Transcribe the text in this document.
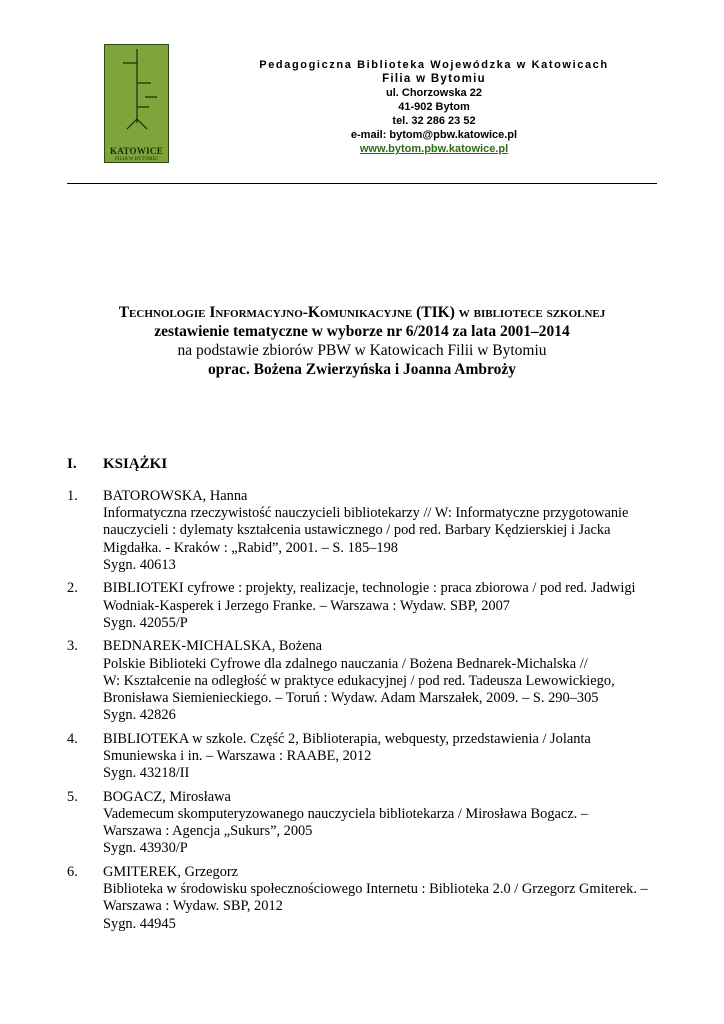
KATOWICE
FILIA W BYTOMIU
Pedagogiczna Biblioteka Wojewódzka w Katowicach
Filia w Bytomiu
ul. Chorzowska 22
41-902 Bytom
tel. 32 286 23 52
e-mail: bytom@pbw.katowice.pl
www.bytom.pbw.katowice.pl
Technologie Informacyjno-Komunikacyjne (TIK) w bibliotece szkolnej
zestawienie tematyczne w wyborze nr 6/2014 za lata 2001–2014
na podstawie zbiorów PBW w Katowicach Filii w Bytomiu
oprac. Bożena Zwierzyńska i Joanna Ambroży
I. KSIĄŻKI
1. BATOROWSKA, Hanna
Informatyczna rzeczywistość nauczycieli bibliotekarzy // W: Informatyczne przygotowanie
nauczycieli : dylematy kształcenia ustawicznego / pod red. Barbary Kędzierskiej i Jacka
Migdałka. - Kraków : „Rabid”, 2001. – S. 185–198
Sygn. 40613
2. BIBLIOTEKI cyfrowe : projekty, realizacje, technologie : praca zbiorowa / pod red. Jadwigi
Wodniak-Kasperek i Jerzego Franke. – Warszawa : Wydaw. SBP, 2007
Sygn. 42055/P
3. BEDNAREK-MICHALSKA, Bożena
Polskie Biblioteki Cyfrowe dla zdalnego nauczania / Bożena Bednarek-Michalska //
W: Kształcenie na odległość w praktyce edukacyjnej / pod red. Tadeusza Lewowickiego,
Bronisława Siemienieckiego. – Toruń : Wydaw. Adam Marszałek, 2009. – S. 290–305
Sygn. 42826
4. BIBLIOTEKA w szkole. Część 2, Biblioterapia, webquesty, przedstawienia / Jolanta
Smuniewska i in. – Warszawa : RAABE, 2012
Sygn. 43218/II
5. BOGACZ, Mirosława
Vademecum skomputeryzowanego nauczyciela bibliotekarza / Mirosława Bogacz. –
Warszawa : Agencja „Sukurs”, 2005
Sygn. 43930/P
6. GMITEREK, Grzegorz
Biblioteka w środowisku społecznościowego Internetu : Biblioteka 2.0 / Grzegorz Gmiterek. –
Warszawa : Wydaw. SBP, 2012
Sygn. 44945
